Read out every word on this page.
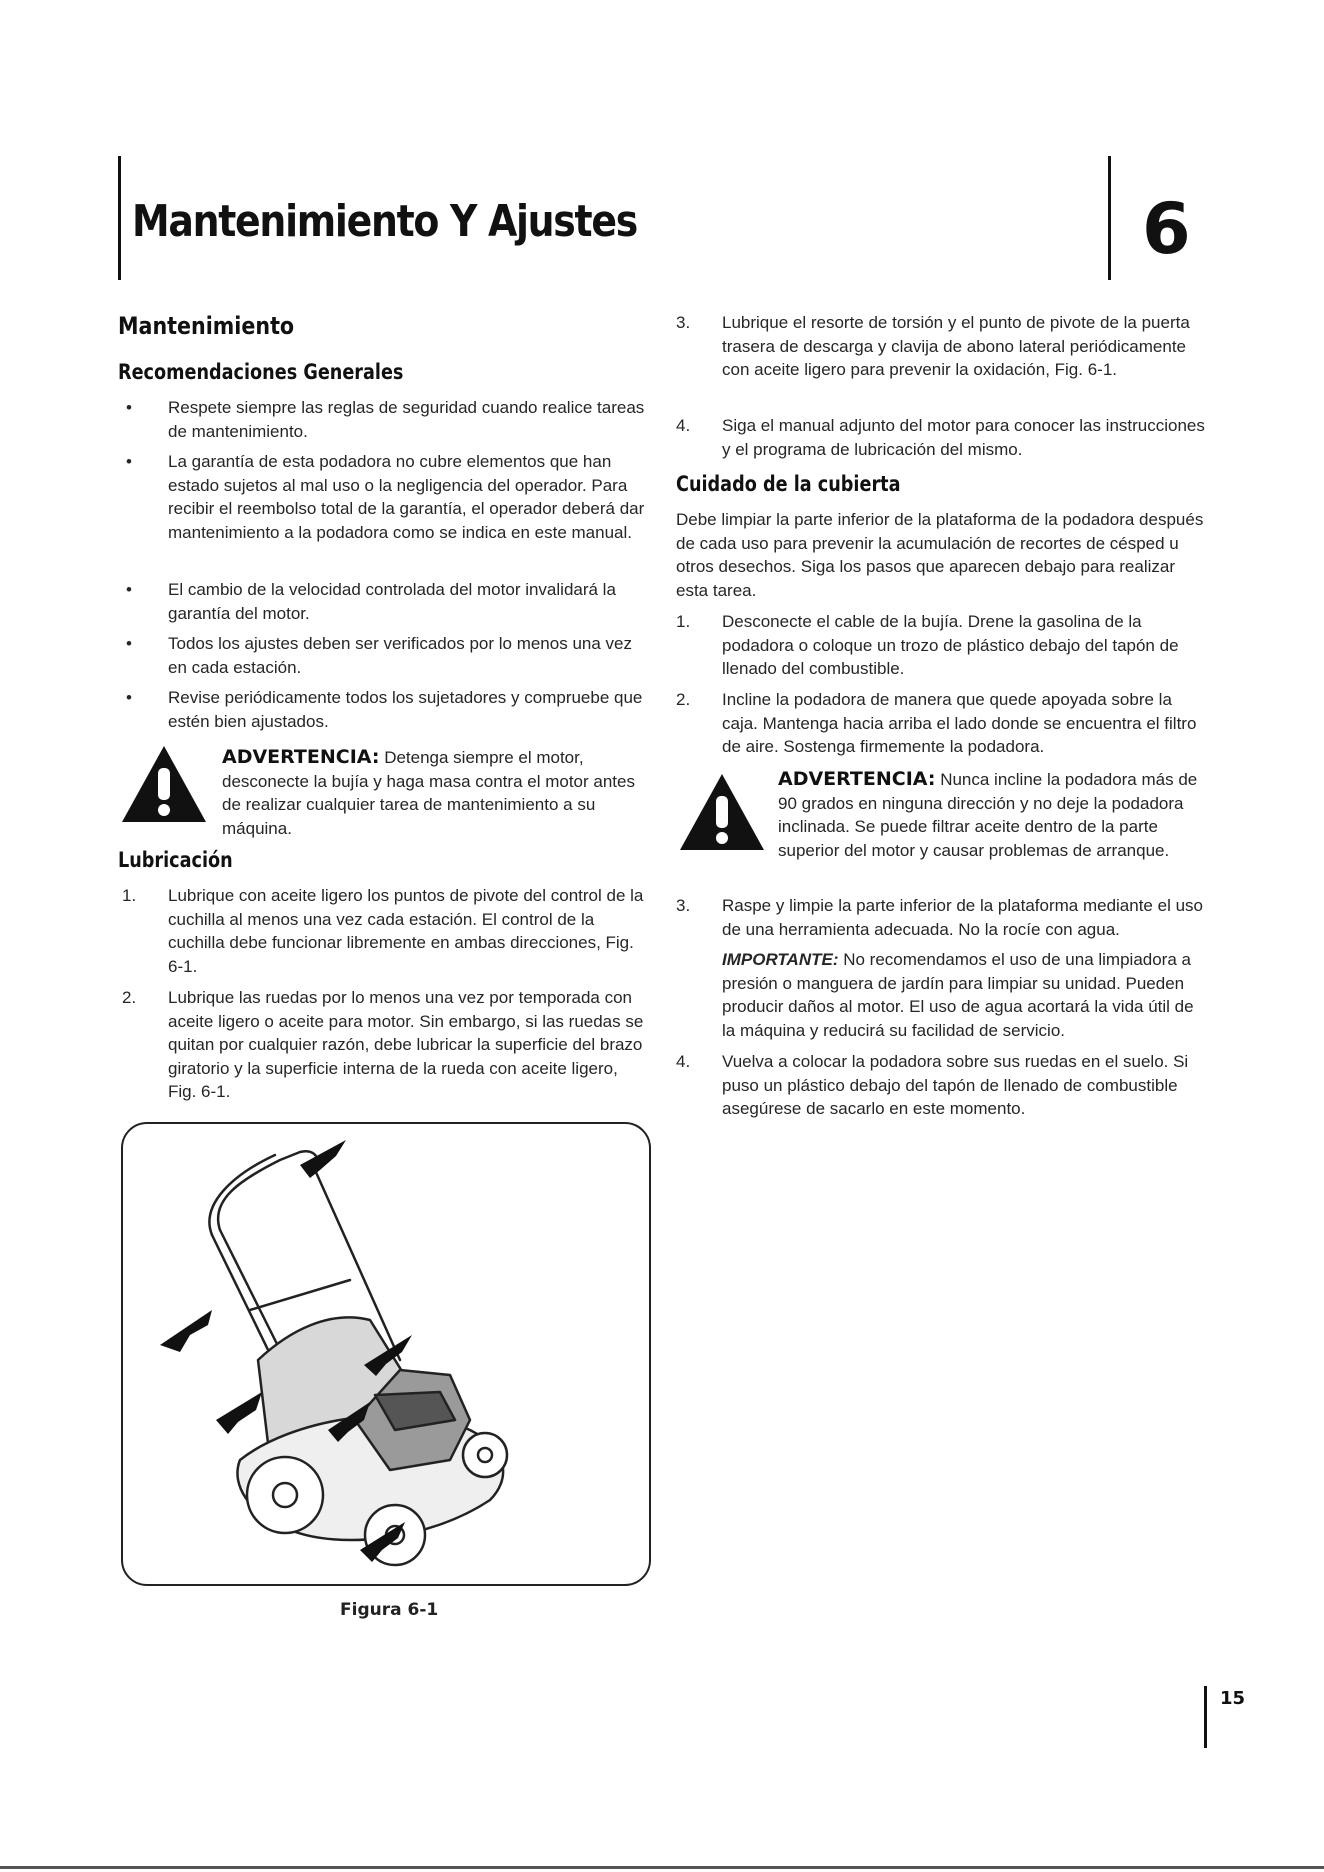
Mantenimiento Y Ajustes	6
Mantenimiento
Recomendaciones Generales
• Respete siempre las reglas de seguridad cuando realice tareas de mantenimiento.
• La garantía de esta podadora no cubre elementos que han estado sujetos al mal uso o la negligencia del operador. Para recibir el reembolso total de la garantía, el operador deberá dar mantenimiento a la podadora como se indica en este manual.
• El cambio de la velocidad controlada del motor invalidará la garantía del motor.
• Todos los ajustes deben ser verificados por lo menos una vez en cada estación.
• Revise periódicamente todos los sujetadores y compruebe que estén bien ajustados.
ADVERTENCIA: Detenga siempre el motor, desconecte la bujía y haga masa contra el motor antes de realizar cualquier tarea de mantenimiento a su máquina.
Lubricación
1. Lubrique con aceite ligero los puntos de pivote del control de la cuchilla al menos una vez cada estación. El control de la cuchilla debe funcionar libremente en ambas direcciones, Fig. 6-1.
2. Lubrique las ruedas por lo menos una vez por temporada con aceite ligero o aceite para motor. Sin embargo, si las ruedas se quitan por cualquier razón, debe lubricar la superficie del brazo giratorio y la superficie interna de la rueda con aceite ligero, Fig. 6-1.
Figura 6-1
3. Lubrique el resorte de torsión y el punto de pivote de la puerta trasera de descarga y clavija de abono lateral periódicamente con aceite ligero para prevenir la oxidación, Fig. 6-1.
4. Siga el manual adjunto del motor para conocer las instrucciones y el programa de lubricación del mismo.
Cuidado de la cubierta
Debe limpiar la parte inferior de la plataforma de la podadora después de cada uso para prevenir la acumulación de recortes de césped u otros desechos. Siga los pasos que aparecen debajo para realizar esta tarea.
1. Desconecte el cable de la bujía. Drene la gasolina de la podadora o coloque un trozo de plástico debajo del tapón de llenado del combustible.
2. Incline la podadora de manera que quede apoyada sobre la caja. Mantenga hacia arriba el lado donde se encuentra el filtro de aire. Sostenga firmemente la podadora.
ADVERTENCIA: Nunca incline la podadora más de 90 grados en ninguna dirección y no deje la podadora inclinada. Se puede filtrar aceite dentro de la parte superior del motor y causar problemas de arranque.
3. Raspe y limpie la parte inferior de la plataforma mediante el uso de una herramienta adecuada. No la rocíe con agua.
IMPORTANTE: No recomendamos el uso de una limpiadora a presión o manguera de jardín para limpiar su unidad. Pueden producir daños al motor. El uso de agua acortará la vida útil de la máquina y reducirá su facilidad de servicio.
4. Vuelva a colocar la podadora sobre sus ruedas en el suelo. Si puso un plástico debajo del tapón de llenado de combustible asegúrese de sacarlo en este momento.
15
